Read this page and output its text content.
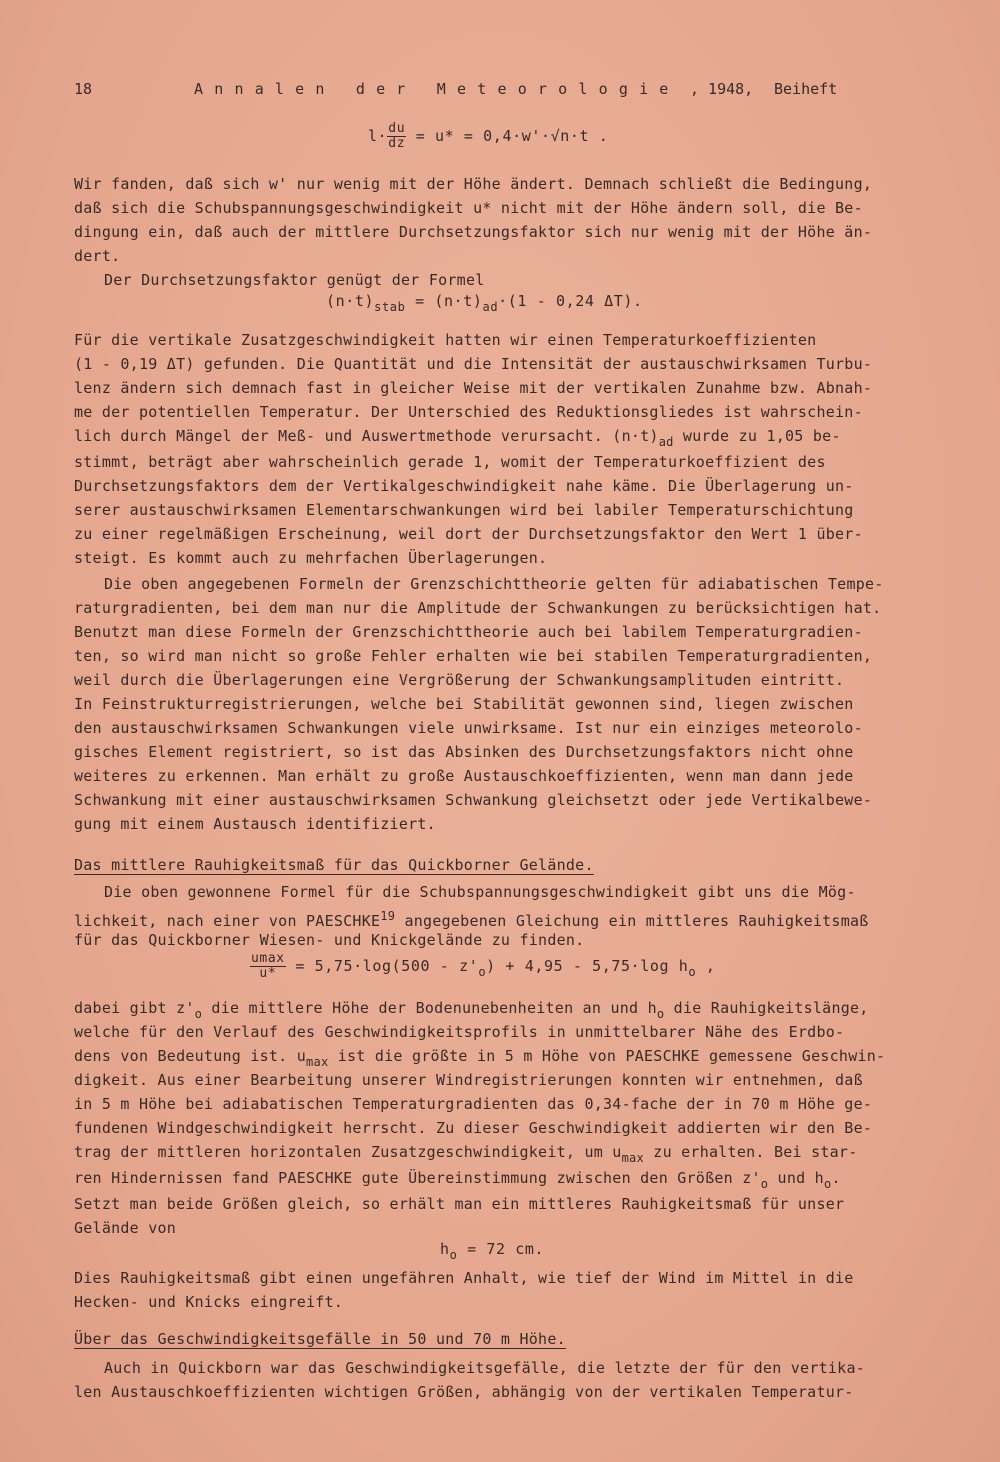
18	Annalen der Meteorologie , 1948, Beiheft
$l\cdot \frac{du}{dz} = u* = 0,4\cdot w'\cdot√n\cdot t$ .
Wir fanden, daß sich w' nur wenig mit der Höhe ändert. Demnach schließt die Bedingung,
daß sich die Schubspannungsgeschwindigkeit u* nicht mit der Höhe ändern soll, die Be-
dingung ein, daß auch der mittlere Durchsetzungsfaktor sich nur wenig mit der Höhe än-
dert.
Der Durchsetzungsfaktor genügt der Formel
$(n\cdot t)_{stab} = (n\cdot t)_{ad}\cdot(1 - 0,24$ ΔT).
Für die vertikale Zusatzgeschwindigkeit hatten wir einen Temperaturkoeffizienten
(1 - 0,19 ΔT) gefunden. Die Quantität und die Intensität der austauschwirksamen Turbu-
lenz ändern sich demnach fast in gleicher Weise mit der vertikalen Zunahme bzw. Abnah-
me der potentiellen Temperatur. Der Unterschied des Reduktionsgliedes ist wahrschein-
lich durch Mängel der Meß- und Auswertmethode verursacht. $(n\cdot t)_{ad}$ wurde zu 1,05 be-
stimmt, beträgt aber wahrscheinlich gerade 1, womit der Temperaturkoeffizient des
Durchsetzungsfaktors dem der Vertikalgeschwindigkeit nahe käme. Die Überlagerung un-
serer austauschwirksamen Elementarschwankungen wird bei labiler Temperaturschichtung
zu einer regelmäßigen Erscheinung, weil dort der Durchsetzungsfaktor den Wert 1 über-
steigt. Es kommt auch zu mehrfachen Überlagerungen.
Die oben angegebenen Formeln der Grenzschichttheorie gelten für adiabatischen Tempe-
raturgradienten, bei dem man nur die Amplitude der Schwankungen zu berücksichtigen hat.
Benutzt man diese Formeln der Grenzschichttheorie auch bei labilem Temperaturgradien-
ten, so wird man nicht so große Fehler erhalten wie bei stabilen Temperaturgradienten,
weil durch die Überlagerungen eine Vergrößerung der Schwankungsamplituden eintritt.
In Feinstrukturregistrierungen, welche bei Stabilität gewonnen sind, liegen zwischen
den austauschwirksamen Schwankungen viele unwirksame. Ist nur ein einziges meteorolo-
gisches Element registriert, so ist das Absinken des Durchsetzungsfaktors nicht ohne
weiteres zu erkennen. Man erhält zu große Austauschkoeffizienten, wenn man dann jede
Schwankung mit einer austauschwirksamen Schwankung gleichsetzt oder jede Vertikalbewe-
gung mit einem Austausch identifiziert.
Das mittlere Rauhigkeitsmaß für das Quickborner Gelände.
Die oben gewonnene Formel für die Schubspannungsgeschwindigkeit gibt uns die Mög-
lichkeit, nach einer von PAESCHKE$^{19}$ angegebenen Gleichung ein mittleres Rauhigkeitsmaß
für das Quickborner Wiesen- und Knickgelände zu finden.
$\frac{umax}{u*} = 5,75\cdot\log(500 - z'_o) + 4,95 - 5,75\cdot\log$ $h_o$ ,
dabei gibt $z'_o$ die mittlere Höhe der Bodenunebenheiten an und $h_o$ die Rauhigkeitslänge,
welche für den Verlauf des Geschwindigkeitsprofils in unmittelbarer Nähe des Erdbo-
dens von Bedeutung ist. $u_{max}$ ist die größte in 5 m Höhe von PAESCHKE gemessene Geschwin-
digkeit. Aus einer Bearbeitung unserer Windregistrierungen konnten wir entnehmen, daß
in 5 m Höhe bei adiabatischen Temperaturgradienten das 0,34-fache der in 70 m Höhe ge-
fundenen Windgeschwindigkeit herrscht. Zu dieser Geschwindigkeit addierten wir den Be-
trag der mittleren horizontalen Zusatzgeschwindigkeit, um $u_{max}$ zu erhalten. Bei star-
ren Hindernissen fand PAESCHKE gute Übereinstimmung zwischen den Größen $z'_o$ und $h_o$.
Setzt man beide Größen gleich, so erhält man ein mittleres Rauhigkeitsmaß für unser
Gelände von
$h_o = 72$ cm.
Dies Rauhigkeitsmaß gibt einen ungefähren Anhalt, wie tief der Wind im Mittel in die
Hecken- und Knicks eingreift.
Über das Geschwindigkeitsgefälle in 50 und 70 m Höhe.
Auch in Quickborn war das Geschwindigkeitsgefälle, die letzte der für den vertika-
len Austauschkoeffizienten wichtigen Größen, abhängig von der vertikalen Temperatur-
